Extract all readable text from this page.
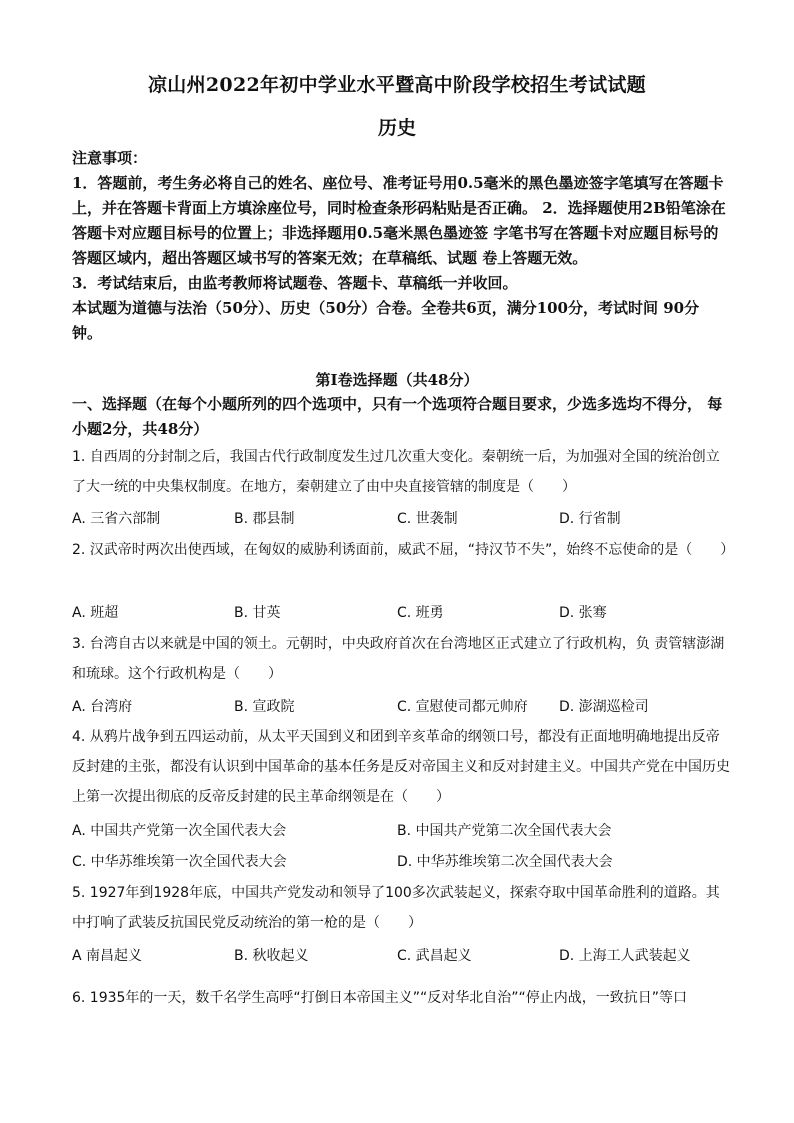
凉山州2022年初中学业水平暨高中阶段学校招生考试试题
历史

注意事项：

1．答题前，考生务必将自己的姓名、座位号、准考证号用0.5毫米的黑色墨迹签字笔填写在答题卡上，并在答题卡背面上方填涂座位号，同时检查条形码粘贴是否正确。 2．选择题使用2B铅笔涂在答题卡对应题目标号的位置上；非选择题用0.5毫米黑色墨迹签 字笔书写在答题卡对应题目标号的答题区域内，超出答题区域书写的答案无效；在草稿纸、试题 卷上答题无效。

3．考试结束后，由监考教师将试题卷、答题卡、草稿纸一并收回。

本试题为道德与法治（50分）、历史（50分）合卷。全卷共6页，满分100分，考试时间 90分钟。

第Ⅰ卷选择题（共48分）

一、选择题（在每个小题所列的四个选项中，只有一个选项符合题目要求，少选多选均不得分， 每小题2分，共48分）

1. 自西周的分封制之后，我国古代行政制度发生过几次重大变化。秦朝统一后，为加强对全国的统治创立了大一统的中央集权制度。在地方，秦朝建立了由中央直接管辖的制度是（　　）

A. 三省六部制	B. 郡县制	C. 世袭制	D. 行省制

2. 汉武帝时两次出使西域，在匈奴的威胁利诱面前，威武不屈，“持汉节不失”，始终不忘使命的是（　　）

A. 班超	B. 甘英	C. 班勇	D. 张骞

3. 台湾自古以来就是中国的领土。元朝时，中央政府首次在台湾地区正式建立了行政机构，负 责管辖澎湖和琉球。这个行政机构是（　　）

A. 台湾府	B. 宣政院	C. 宣慰使司都元帅府 D. 澎湖巡检司

4. 从鸦片战争到五四运动前，从太平天国到义和团到辛亥革命的纲领口号，都没有正面地明确地提出反帝反封建的主张，都没有认识到中国革命的基本任务是反对帝国主义和反对封建主义。中国共产党在中国历史上第一次提出彻底的反帝反封建的民主革命纲领是在（　　）

A. 中国共产党第一次全国代表大会	B. 中国共产党第二次全国代表大会
C. 中华苏维埃第一次全国代表大会	D. 中华苏维埃第二次全国代表大会

5. 1927年到1928年底，中国共产党发动和领导了100多次武装起义，探索夺取中国革命胜利的道路。其中打响了武装反抗国民党反动统治的第一枪的是（　　）

A 南昌起义	B. 秋收起义	C. 武昌起义	D. 上海工人武装起义

6. 1935年的一天，数千名学生高呼“打倒日本帝国主义”“反对华北自治”“停止内战，一致抗日”等口
